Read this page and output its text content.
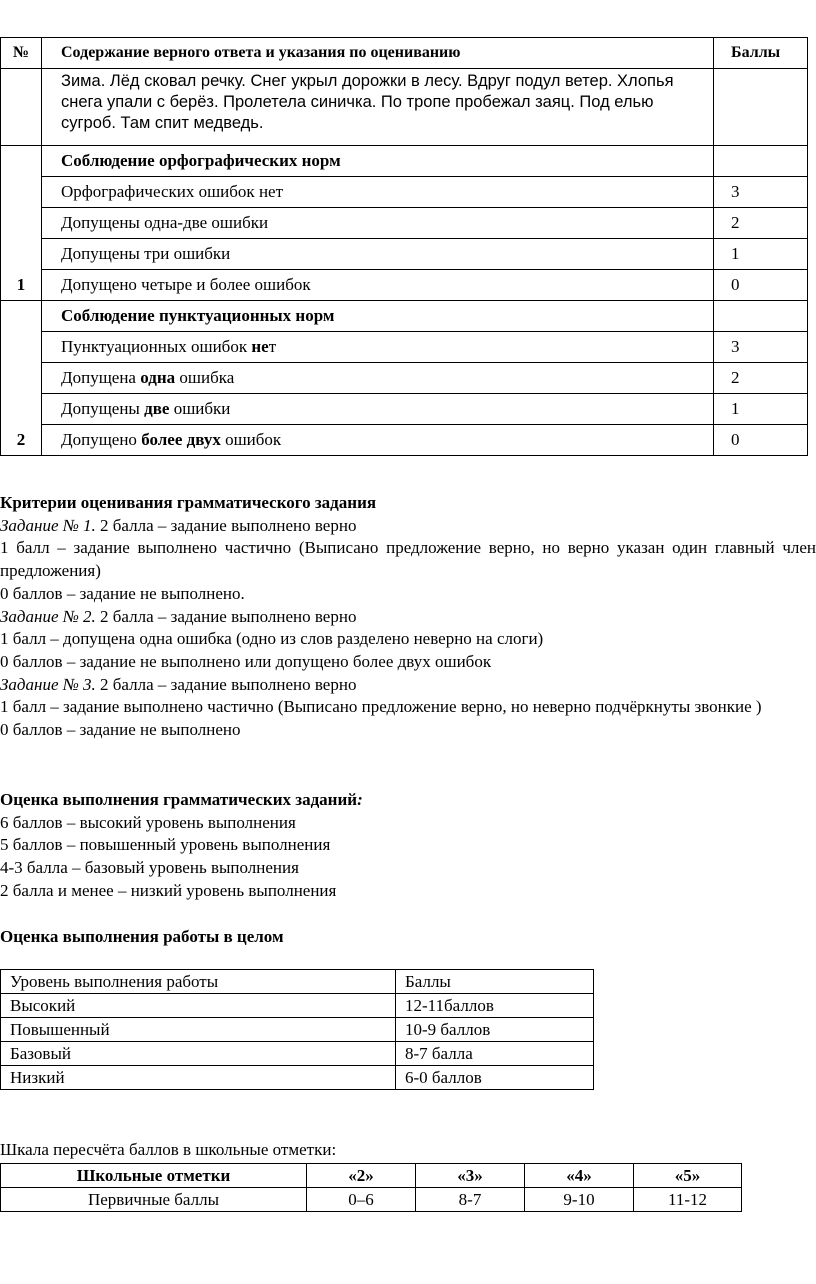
№	Содержание верного ответа и указания по оцениванию	Баллы
	Зима. Лёд сковал речку. Снег укрыл дорожки в лесу. Вдруг подул ветер. Хлопья снега упали с берёз. Пролетела синичка. По тропе пробежал заяц. Под елью сугроб. Там спит медведь.	
1	Соблюдение орфографических норм	
	Орфографических ошибок нет	3
	Допущены одна-две ошибки	2
	Допущены три ошибки	1
	Допущено четыре и более ошибок	0
2	Соблюдение пунктуационных норм	
	Пунктуационных ошибок нет	3
	Допущена одна ошибка	2
	Допущены две ошибки	1
	Допущено более двух ошибок	0

Критерии оценивания грамматического задания

Задание № 1. 2 балла – задание выполнено верно

1 балл – задание выполнено частично (Выписано предложение верно, но верно указан один главный член предложения)

0 баллов – задание не выполнено.

Задание № 2. 2 балла – задание выполнено верно

1 балл – допущена одна ошибка (одно из слов разделено неверно на слоги)

0 баллов – задание не выполнено или допущено более двух ошибок

Задание № 3. 2 балла – задание выполнено верно

1 балл – задание выполнено частично (Выписано предложение верно, но неверно подчёркнуты звонкие )

0 баллов – задание не выполнено

Оценка выполнения грамматических заданий:

6 баллов – высокий уровень выполнения

5 баллов – повышенный уровень выполнения

4-3 балла – базовый уровень выполнения

2 балла и менее – низкий уровень выполнения

Оценка выполнения работы в целом

Уровень выполнения работы	Баллы
Высокий	12-11баллов
Повышенный	10-9 баллов
Базовый	8-7 балла
Низкий	6-0 баллов
Шкала пересчёта баллов в школьные отметки:
Школьные отметки	«2»	«3»	«4»	«5»
Первичные баллы	0–6	8-7	9-10	11-12
